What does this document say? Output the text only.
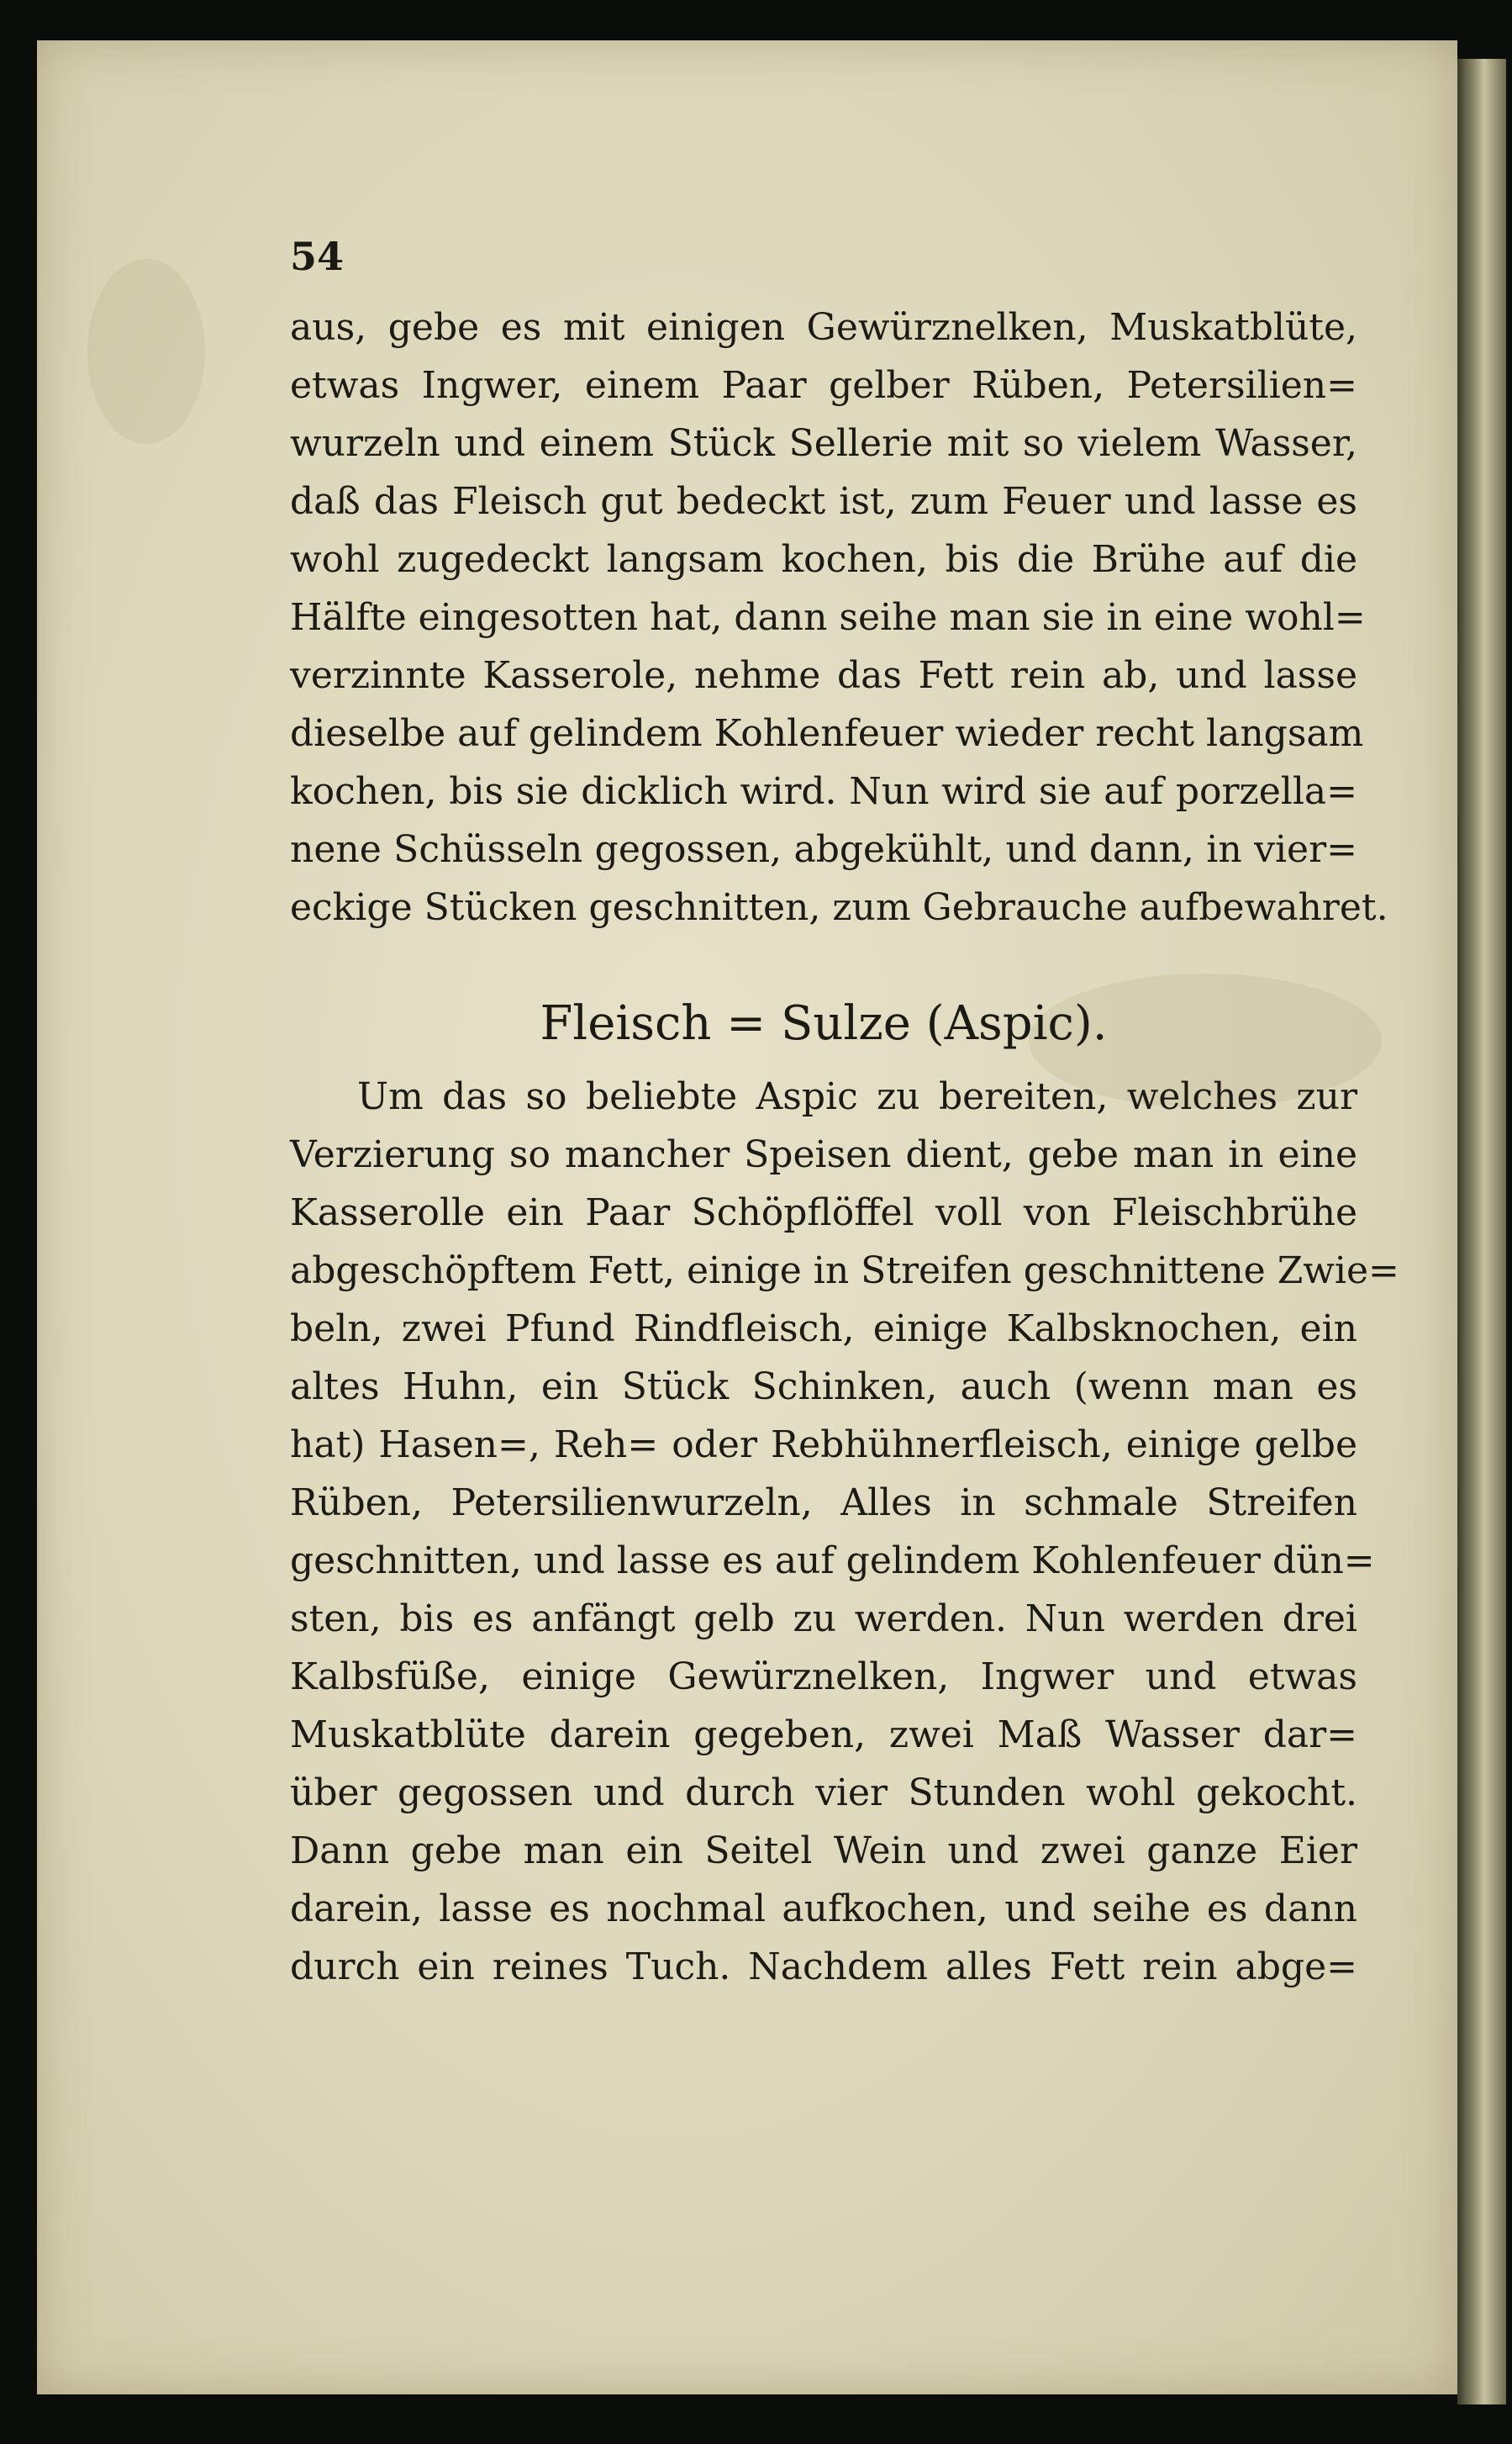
54
aus, gebe es mit einigen Gewürznelken, Muskatblüte,
etwas Ingwer, einem Paar gelber Rüben, Petersilien=
wurzeln und einem Stück Sellerie mit so vielem Wasser,
daß das Fleisch gut bedeckt ist, zum Feuer und lasse es
wohl zugedeckt langsam kochen, bis die Brühe auf die
Hälfte eingesotten hat, dann seihe man sie in eine wohl=
verzinnte Kasserole, nehme das Fett rein ab, und lasse
dieselbe auf gelindem Kohlenfeuer wieder recht langsam
kochen, bis sie dicklich wird. Nun wird sie auf porzella=
nene Schüsseln gegossen, abgekühlt, und dann, in vier=
eckige Stücken geschnitten, zum Gebrauche aufbewahret.
Fleisch = Sulze (Aspic).
Um das so beliebte Aspic zu bereiten, welches zur
Verzierung so mancher Speisen dient, gebe man in eine
Kasserolle ein Paar Schöpflöffel voll von Fleischbrühe
abgeschöpftem Fett, einige in Streifen geschnittene Zwie=
beln, zwei Pfund Rindfleisch, einige Kalbsknochen, ein
altes Huhn, ein Stück Schinken, auch (wenn man es
hat) Hasen=, Reh= oder Rebhühnerfleisch, einige gelbe
Rüben, Petersilienwurzeln, Alles in schmale Streifen
geschnitten, und lasse es auf gelindem Kohlenfeuer dün=
sten, bis es anfängt gelb zu werden. Nun werden drei
Kalbsfüße, einige Gewürznelken, Ingwer und etwas
Muskatblüte darein gegeben, zwei Maß Wasser dar=
über gegossen und durch vier Stunden wohl gekocht.
Dann gebe man ein Seitel Wein und zwei ganze Eier
darein, lasse es nochmal aufkochen, und seihe es dann
durch ein reines Tuch. Nachdem alles Fett rein abge=
